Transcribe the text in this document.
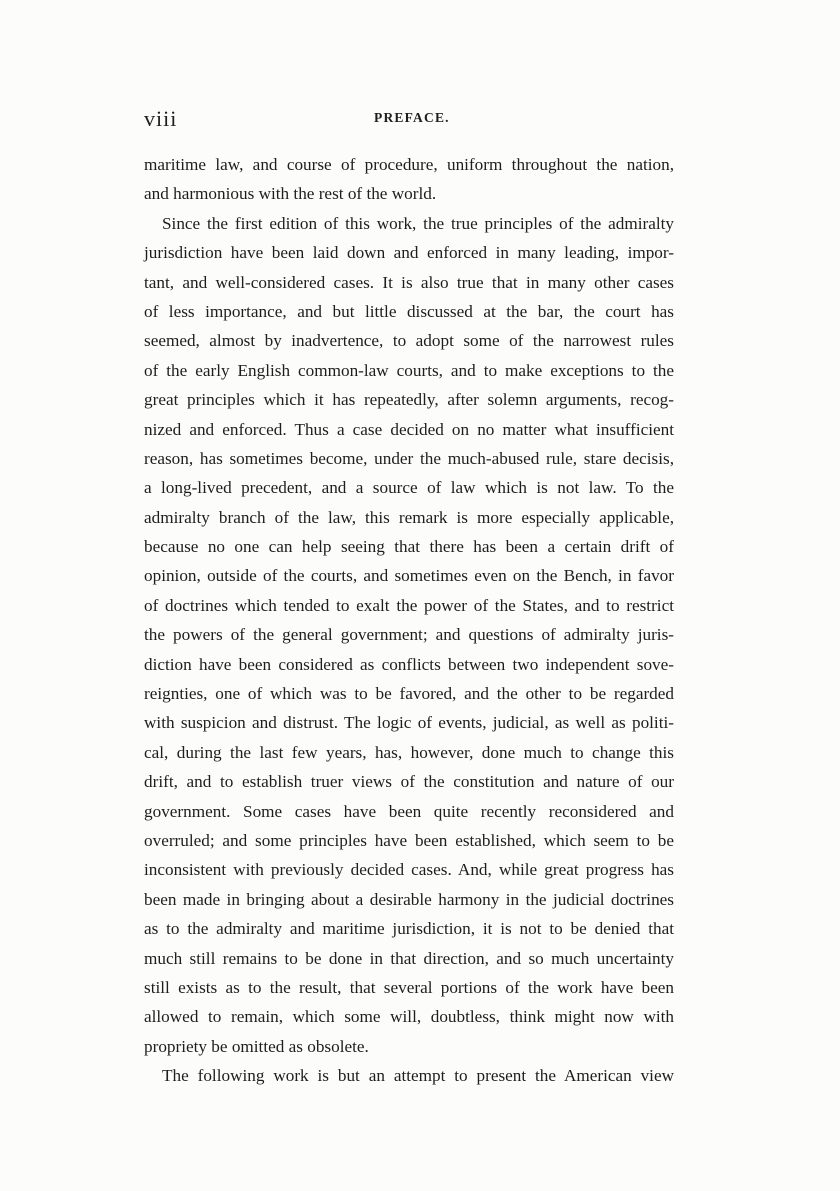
viii	PREFACE.
maritime law, and course of procedure, uniform throughout the nation,
and harmonious with the rest of the world.
Since the first edition of this work, the true principles of the admiralty
jurisdiction have been laid down and enforced in many leading, impor-
tant, and well-considered cases. It is also true that in many other cases
of less importance, and but little discussed at the bar, the court has
seemed, almost by inadvertence, to adopt some of the narrowest rules
of the early English common-law courts, and to make exceptions to the
great principles which it has repeatedly, after solemn arguments, recog-
nized and enforced. Thus a case decided on no matter what insufficient
reason, has sometimes become, under the much-abused rule, stare decisis,
a long-lived precedent, and a source of law which is not law. To the
admiralty branch of the law, this remark is more especially applicable,
because no one can help seeing that there has been a certain drift of
opinion, outside of the courts, and sometimes even on the Bench, in favor
of doctrines which tended to exalt the power of the States, and to restrict
the powers of the general government; and questions of admiralty juris-
diction have been considered as conflicts between two independent sove-
reignties, one of which was to be favored, and the other to be regarded
with suspicion and distrust. The logic of events, judicial, as well as politi-
cal, during the last few years, has, however, done much to change this
drift, and to establish truer views of the constitution and nature of our
government. Some cases have been quite recently reconsidered and
overruled; and some principles have been established, which seem to be
inconsistent with previously decided cases. And, while great progress has
been made in bringing about a desirable harmony in the judicial doctrines
as to the admiralty and maritime jurisdiction, it is not to be denied that
much still remains to be done in that direction, and so much uncertainty
still exists as to the result, that several portions of the work have been
allowed to remain, which some will, doubtless, think might now with
propriety be omitted as obsolete.
The following work is but an attempt to present the American view
